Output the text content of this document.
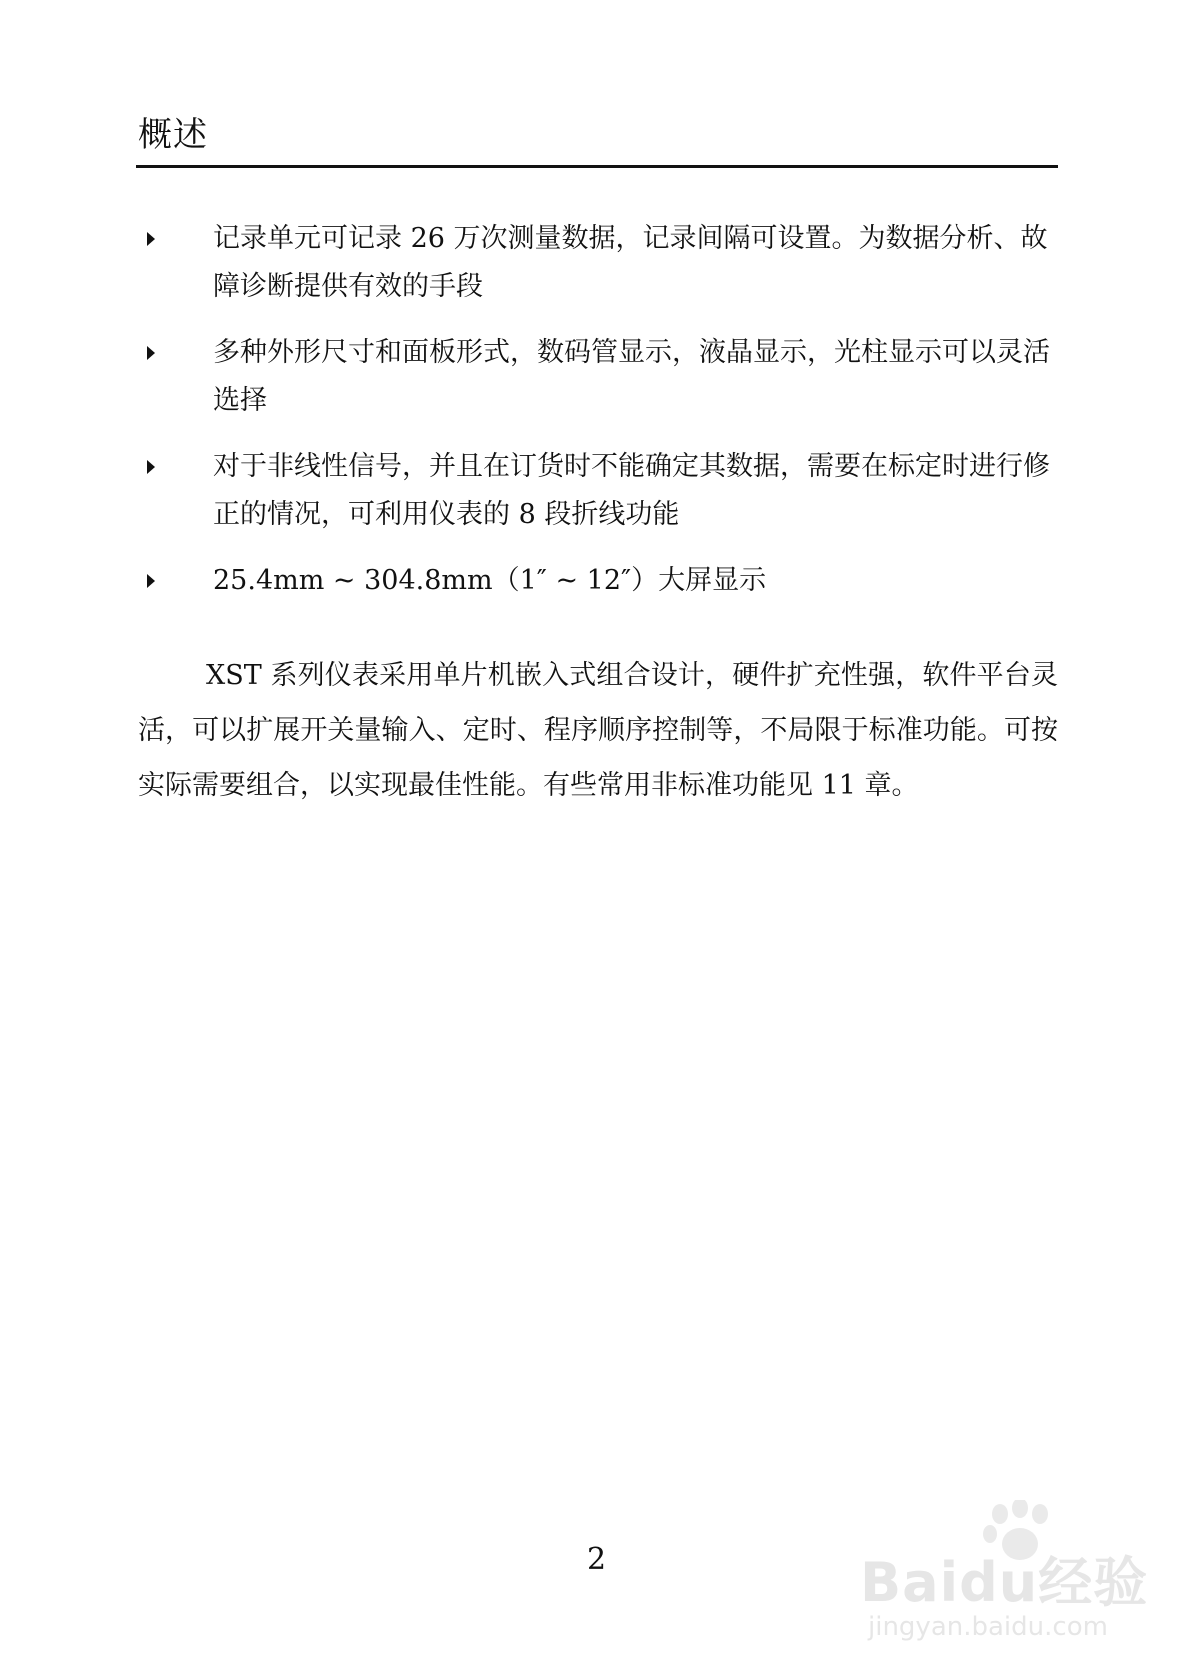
概述
记录单元可记录 26 万次测量数据，记录间隔可设置。为数据分析、故障诊断提供有效的手段
多种外形尺寸和面板形式，数码管显示，液晶显示，光柱显示可以灵活选择
对于非线性信号，并且在订货时不能确定其数据，需要在标定时进行修正的情况，可利用仪表的 8 段折线功能
25.4mm ~ 304.8mm（1″ ~ 12″）大屏显示

XST 系列仪表采用单片机嵌入式组合设计，硬件扩充性强，软件平台灵活，可以扩展开关量输入、定时、程序顺序控制等，不局限于标准功能。可按实际需要组合，以实现最佳性能。有些常用非标准功能见 11 章。

2	Baidu经验
jingyan.baidu.com
